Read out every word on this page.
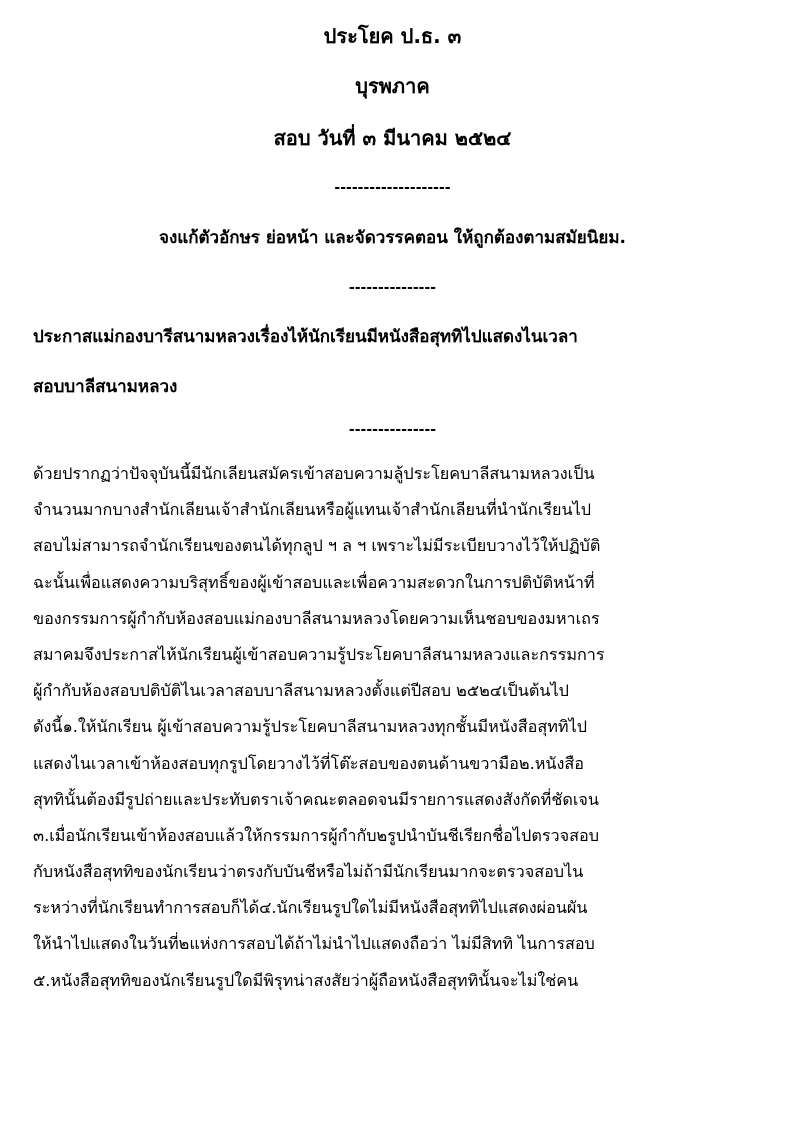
ประโยค ป.ธ. ๓
บุรพภาค
สอบ วันที่ ๓ มีนาคม ๒๕๒๔
--------------------
จงแก้ตัวอักษร ย่อหน้า และจัดวรรคตอน ให้ถูกต้องตามสมัยนิยม.
---------------
ประกาสแม่กองบารีสนามหลวงเรื่องไห้นักเรียนมีหนังสือสุททิไปแสดงไนเวลา
สอบบาลีสนามหลวง
---------------
ด้วยปรากฏว่าปัจจุบันนี้มีนักเลียนสมัครเข้าสอบความลู้ประโยคบาลีสนามหลวงเป็น
จำนวนมากบางสำนักเลียนเจ้าสำนักเลียนหรือผู้แทนเจ้าสำนักเลียนที่นำนักเรียนไป
สอบไม่สามารถจำนักเรียนของตนได้ทุกลูป ฯ ล ฯ เพราะไม่มีระเบียบวางไว้ให้ปฏิบัติ
ฉะนั้นเพื่อแสดงความบริสุทธิ์ของผู้เข้าสอบและเพื่อความสะดวกในการปติบัติหน้าที่
ของกรรมการผู้กำกับห้องสอบแม่กองบาลีสนามหลวงโดยความเห็นชอบของมหาเถร
สมาคมจึงประกาสไห้นักเรียนผู้เข้าสอบความรู้ประโยคบาลีสนามหลวงและกรรมการ
ผู้กำกับห้องสอบปติบัติไนเวลาสอบบาลีสนามหลวงตั้งแต่ปีสอบ ๒๕๒๔เป็นต้นไป
ดังนี้๑.ให้นักเรียน ผู้เข้าสอบความรู้ประโยคบาลีสนามหลวงทุกชั้นมีหนังสือสุททิไป
แสดงไนเวลาเข้าห้องสอบทุกรูปโดยวางไว้ที่โต๊ะสอบของตนด้านขวามือ๒.หนังสือ
สุททินั้นต้องมีรูปถ่ายและประทับตราเจ้าคณะตลอดจนมีรายการแสดงสังกัดที่ชัดเจน
๓.เมื่อนักเรียนเข้าห้องสอบแล้วให้กรรมการผู้กำกับ๒รูปนำบันชีเรียกชื่อไปตรวจสอบ
กับหนังสือสุททิของนักเรียนว่าตรงกับบันชีหรือไม่ถ้ามีนักเรียนมากจะตรวจสอบไน
ระหว่างที่นักเรียนทำการสอบก็ได้๔.นักเรียนรูปใดไม่มีหนังสือสุททิไปแสดงผ่อนผัน
ให้นำไปแสดงในวันที่๒แห่งการสอบได้ถ้าไม่นำไปแสดงถือว่า ไม่มีสิททิ ไนการสอบ
๕.หนังสือสุททิของนักเรียนรูปใดมีพิรุทน่าสงสัยว่าผู้ถือหนังสือสุททินั้นจะไม่ใช่คน
